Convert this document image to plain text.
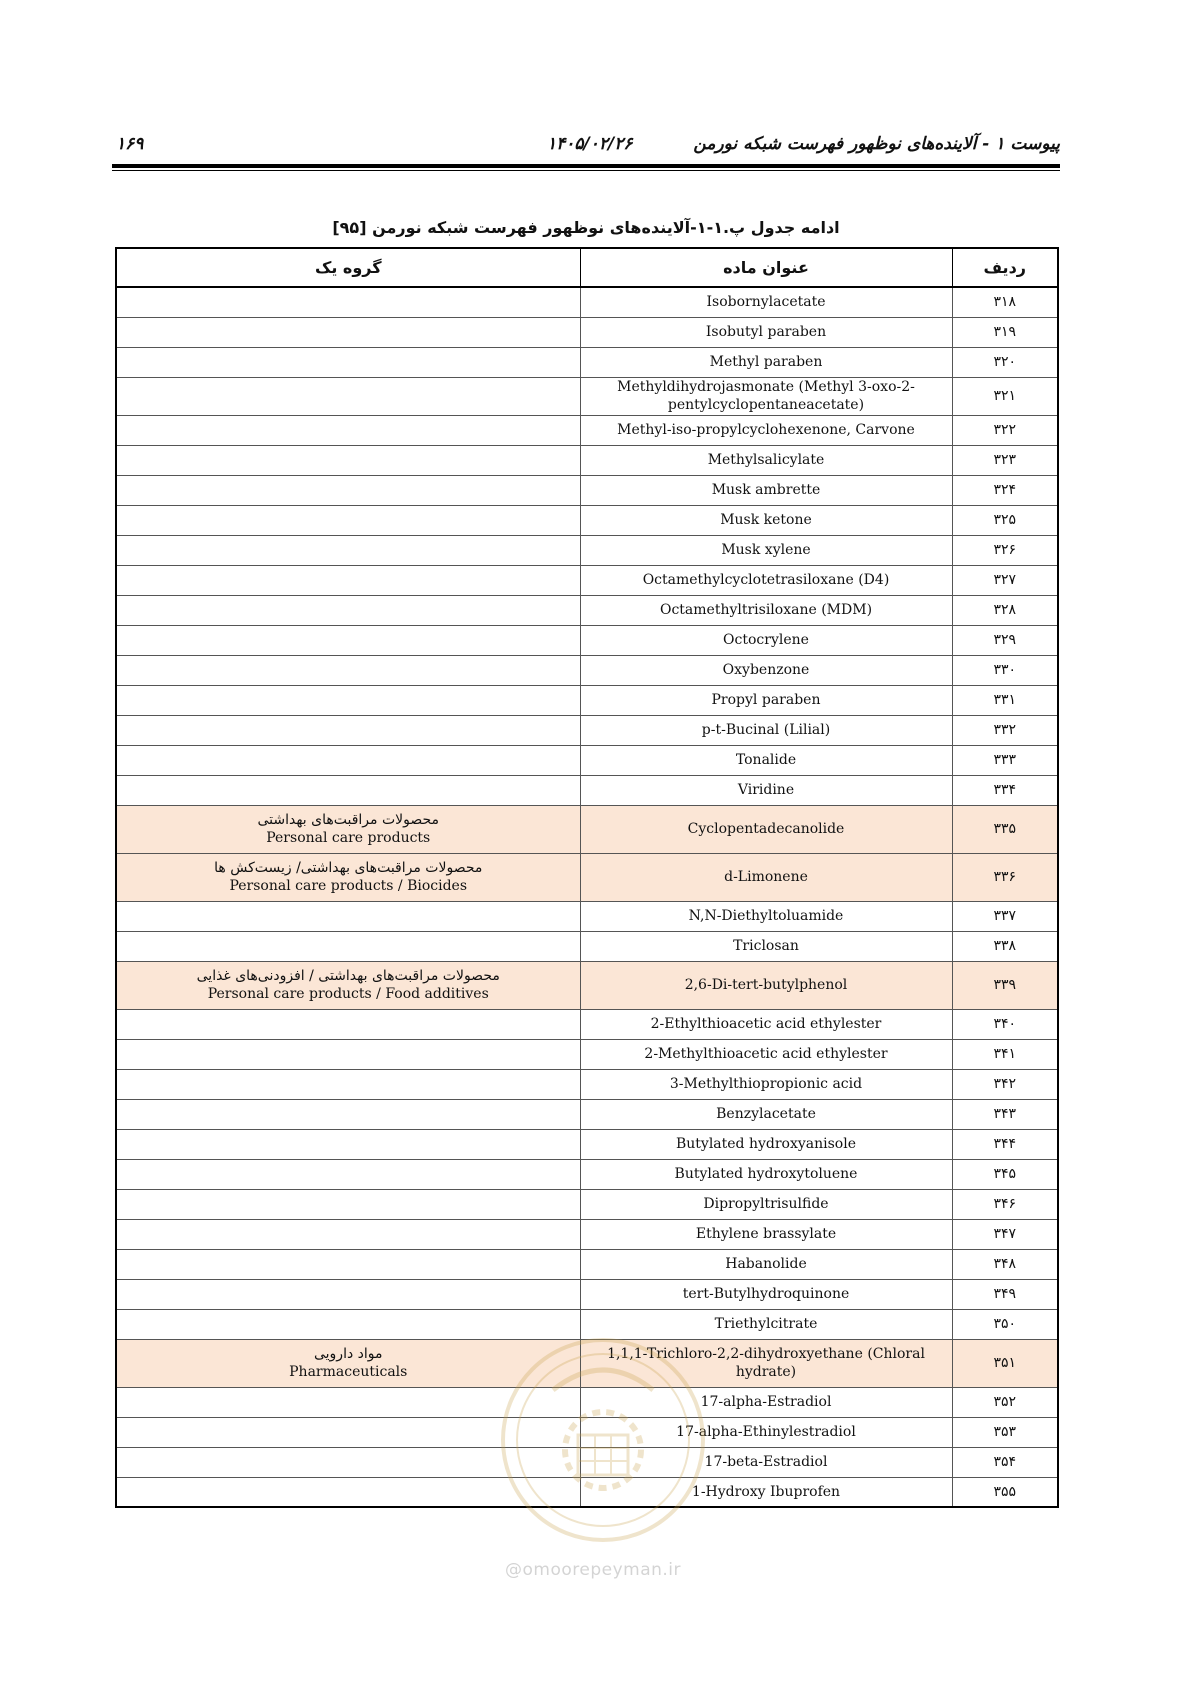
پیوست ۱ - آلاینده‌های نوظهور فهرست شبکه نورمن
۱۴۰۵/۰۲/۲۶
۱۶۹
ادامه جدول پ.۱-۱-آلاینده‌های نوظهور فهرست شبکه نورمن [۹۵]
ردیف	عنوان ماده	گروه یک
۳۱۸	Isobornylacetate	
۳۱۹	Isobutyl paraben	
۳۲۰	Methyl paraben	
۳۲۱	Methyldihydrojasmonate (Methyl 3-oxo-2-pentylcyclopentaneacetate)	
۳۲۲	Methyl-iso-propylcyclohexenone, Carvone	
۳۲۳	Methylsalicylate	
۳۲۴	Musk ambrette	
۳۲۵	Musk ketone	
۳۲۶	Musk xylene	
۳۲۷	Octamethylcyclotetrasiloxane (D4)	
۳۲۸	Octamethyltrisiloxane (MDM)	
۳۲۹	Octocrylene	
۳۳۰	Oxybenzone	
۳۳۱	Propyl paraben	
۳۳۲	p-t-Bucinal (Lilial)	
۳۳۳	Tonalide	
۳۳۴	Viridine	
۳۳۵	Cyclopentadecanolide	محصولات مراقبت‌های بهداشتی
Personal care products

۳۳۶	d-Limonene	محصولات مراقبت‌های بهداشتی/ زیست‌کش ها
Personal care products / Biocides

۳۳۷	N,N-Diethyltoluamide	
۳۳۸	Triclosan	
۳۳۹	2,6-Di-tert-butylphenol	محصولات مراقبت‌های بهداشتی / افزودنی‌های غذایی
Personal care products / Food additives

۳۴۰	2-Ethylthioacetic acid ethylester	
۳۴۱	2-Methylthioacetic acid ethylester	
۳۴۲	3-Methylthiopropionic acid	
۳۴۳	Benzylacetate	
۳۴۴	Butylated hydroxyanisole	
۳۴۵	Butylated hydroxytoluene	
۳۴۶	Dipropyltrisulfide	
۳۴۷	Ethylene brassylate	
۳۴۸	Habanolide	
۳۴۹	tert-Butylhydroquinone	
۳۵۰	Triethylcitrate	
۳۵۱	1,1,1-Trichloro-2,2-dihydroxyethane (Chloral hydrate)	مواد دارویی
Pharmaceuticals

۳۵۲	17-alpha-Estradiol	
۳۵۳	17-alpha-Ethinylestradiol	
۳۵۴	17-beta-Estradiol	
۳۵۵	1-Hydroxy Ibuprofen	
@omoorepeyman.ir
